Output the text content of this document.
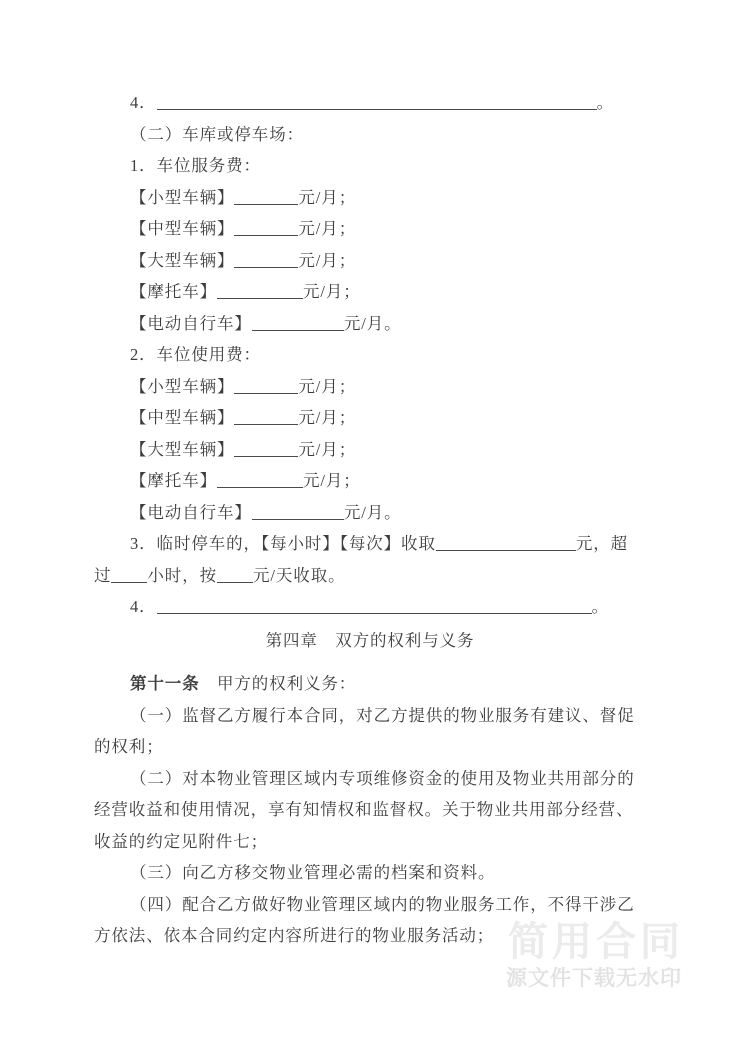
4．	。

（二）车库或停车场：

1．车位服务费：

【小型车辆】	元/月；

【中型车辆】	元/月；

【大型车辆】	元/月；

【摩托车】	元/月；

【电动自行车】	元/月。

2．车位使用费：

【小型车辆】	元/月；

【中型车辆】	元/月；

【大型车辆】	元/月；

【摩托车】	元/月；

【电动自行车】	元/月。

3．临时停车的，【每小时】【每次】收取	元，超

过 小时，按 元/天收取。

4．	。

第四章　双方的权利与义务

第十一条　甲方的权利义务：

（一）监督乙方履行本合同，对乙方提供的物业服务有建议、督促

的权利；

（二）对本物业管理区域内专项维修资金的使用及物业共用部分的

经营收益和使用情况，享有知情权和监督权。关于物业共用部分经营、

收益的约定见附件七；

（三）向乙方移交物业管理必需的档案和资料。

（四）配合乙方做好物业管理区域内的物业服务工作，不得干涉乙

方依法、依本合同约定内容所进行的物业服务活动； 简用合同
源文件下载无水印
